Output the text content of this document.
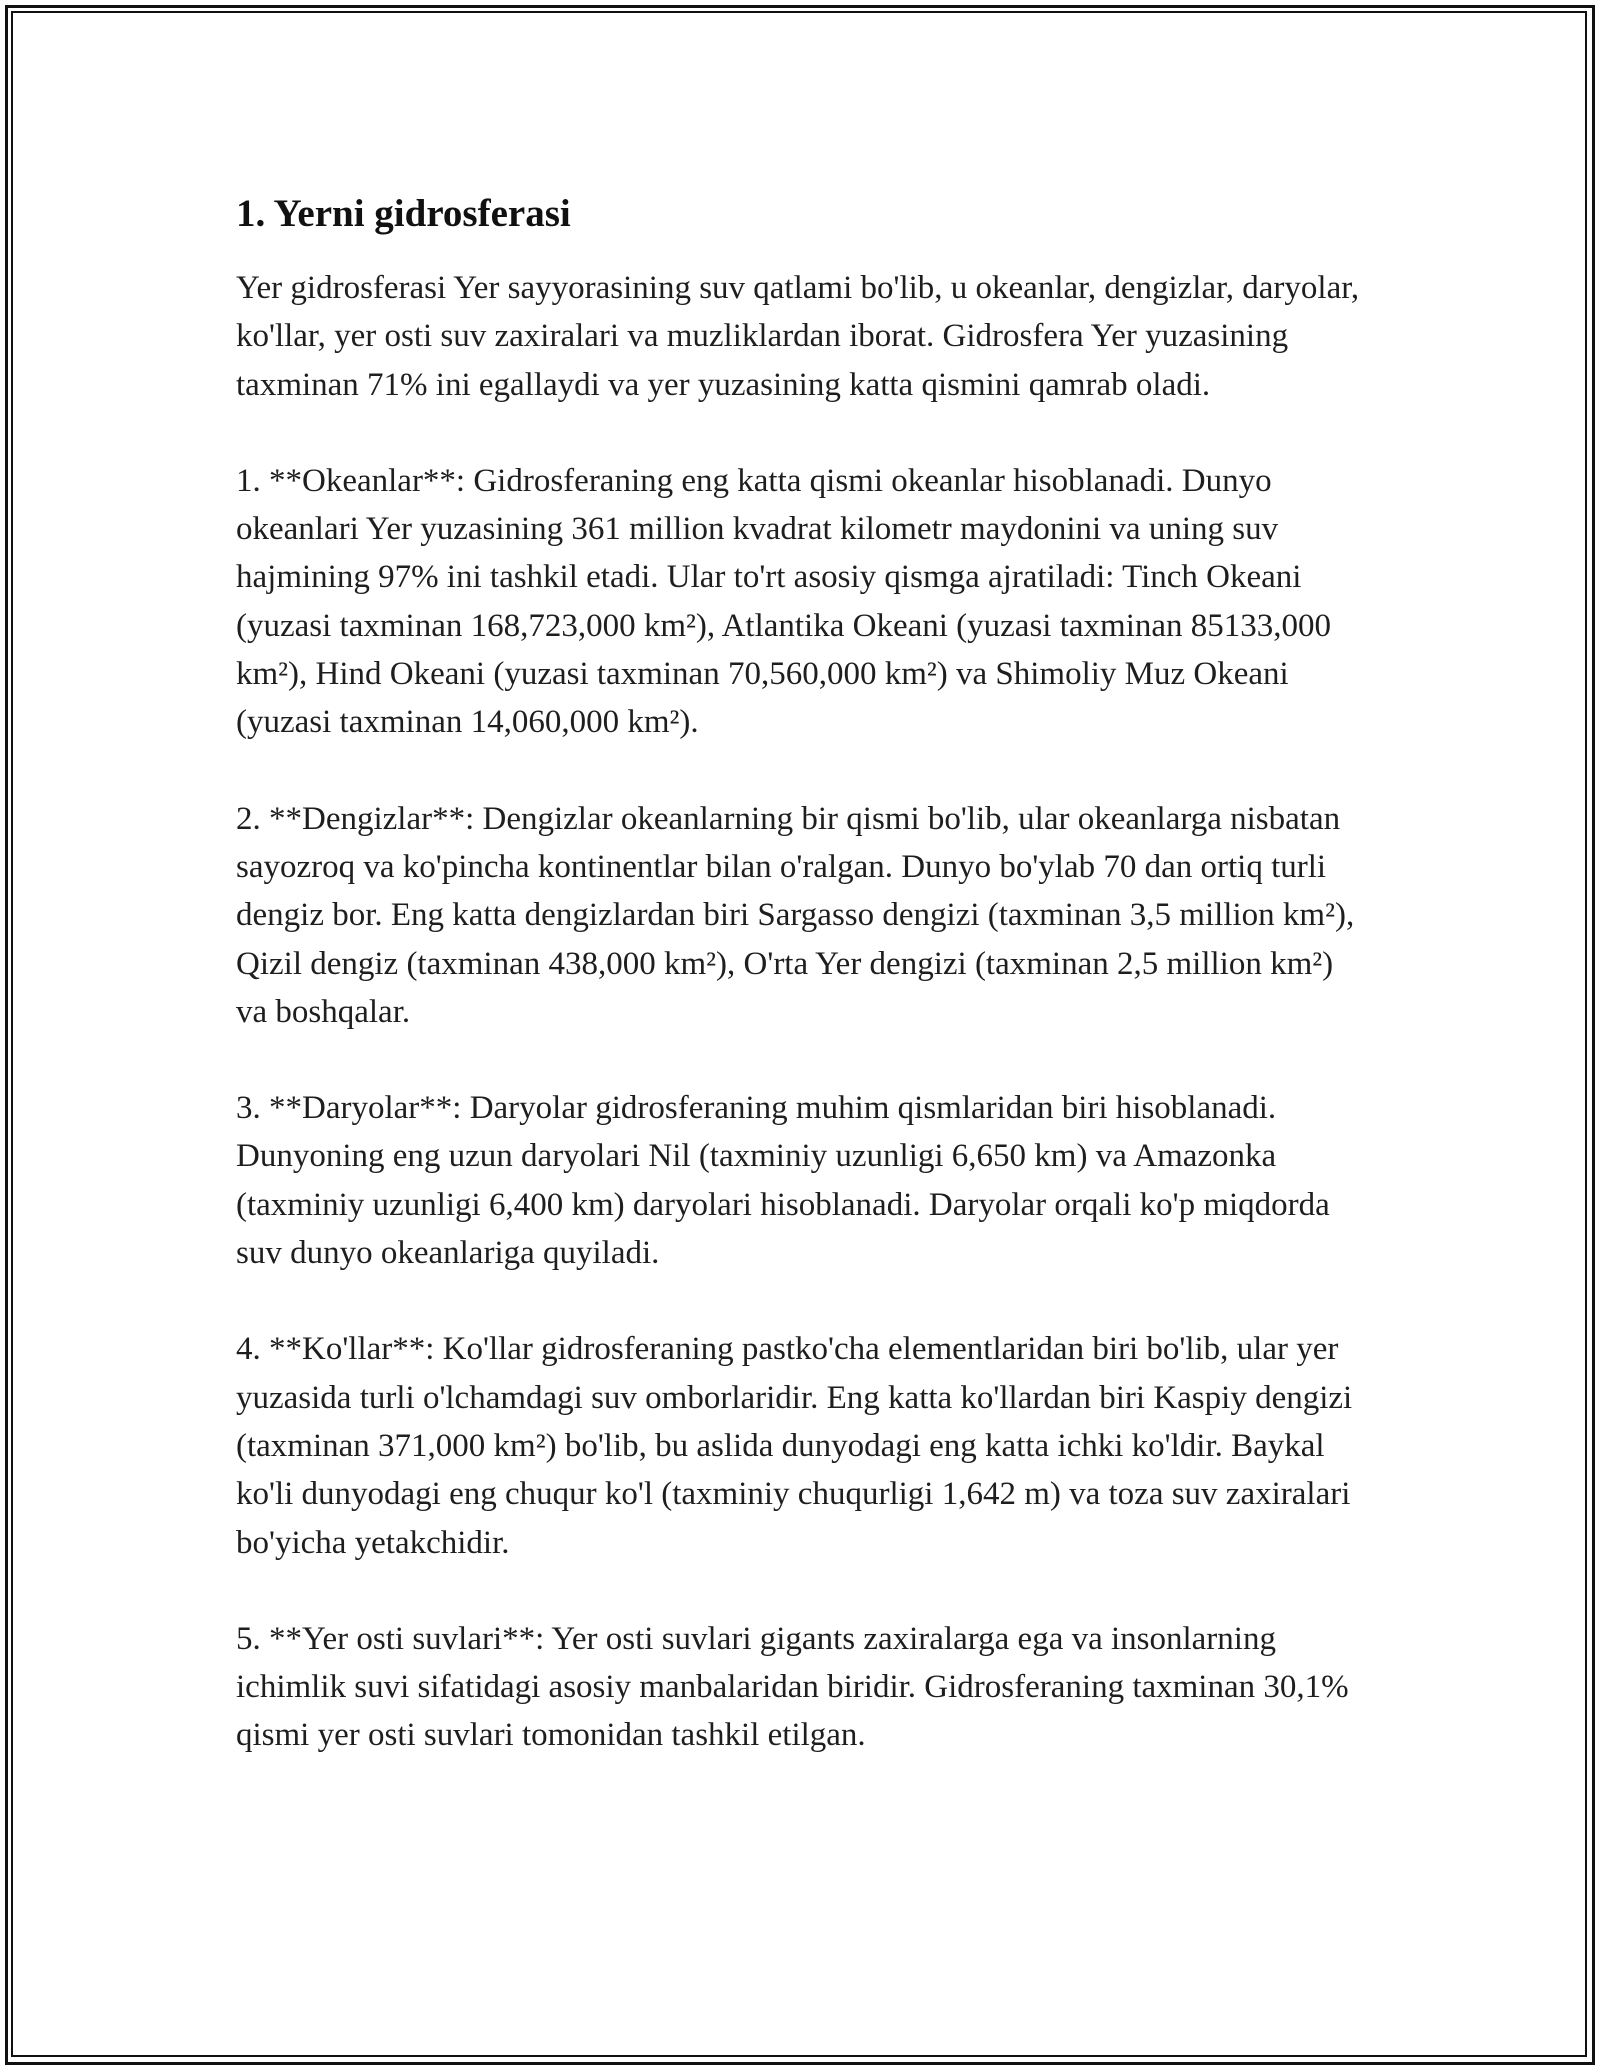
1. Yerni gidrosferasi

Yer gidrosferasi Yer sayyorasining suv qatlami bo'lib, u okeanlar, dengizlar, daryolar, ko'llar, yer osti suv zaxiralari va muzliklardan iborat. Gidrosfera Yer yuzasining taxminan 71% ini egallaydi va yer yuzasining katta qismini qamrab oladi.

1. **Okeanlar**: Gidrosferaning eng katta qismi okeanlar hisoblanadi. Dunyo okeanlari Yer yuzasining 361 million kvadrat kilometr maydonini va uning suv hajmining 97% ini tashkil etadi. Ular to'rt asosiy qismga ajratiladi: Tinch Okeani (yuzasi taxminan 168,723,000 km²), Atlantika Okeani (yuzasi taxminan 85133,000 km²), Hind Okeani (yuzasi taxminan 70,560,000 km²) va Shimoliy Muz Okeani (yuzasi taxminan 14,060,000 km²).

2. **Dengizlar**: Dengizlar okeanlarning bir qismi bo'lib, ular okeanlarga nisbatan sayozroq va ko'pincha kontinentlar bilan o'ralgan. Dunyo bo'ylab 70 dan ortiq turli dengiz bor. Eng katta dengizlardan biri Sargasso dengizi (taxminan 3,5 million km²), Qizil dengiz (taxminan 438,000 km²), O'rta Yer dengizi (taxminan 2,5 million km²) va boshqalar.

3. **Daryolar**: Daryolar gidrosferaning muhim qismlaridan biri hisoblanadi. Dunyoning eng uzun daryolari Nil (taxminiy uzunligi 6,650 km) va Amazonka (taxminiy uzunligi 6,400 km) daryolari hisoblanadi. Daryolar orqali ko'p miqdorda suv dunyo okeanlariga quyiladi.

4. **Ko'llar**: Ko'llar gidrosferaning pastko'cha elementlaridan biri bo'lib, ular yer yuzasida turli o'lchamdagi suv omborlaridir. Eng katta ko'llardan biri Kaspiy dengizi (taxminan 371,000 km²) bo'lib, bu aslida dunyodagi eng katta ichki ko'ldir. Baykal ko'li dunyodagi eng chuqur ko'l (taxminiy chuqurligi 1,642 m) va toza suv zaxiralari bo'yicha yetakchidir.

5. **Yer osti suvlari**: Yer osti suvlari gigants zaxiralarga ega va insonlarning ichimlik suvi sifatidagi asosiy manbalaridan biridir. Gidrosferaning taxminan 30,1% qismi yer osti suvlari tomonidan tashkil etilgan.
